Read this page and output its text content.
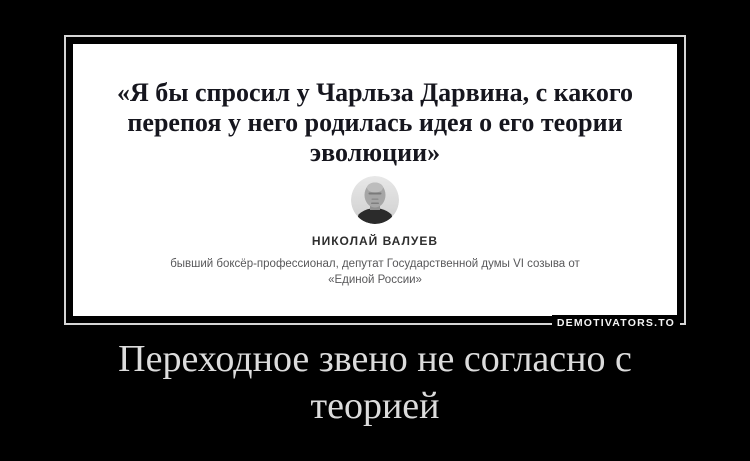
«Я бы спросил у Чарльза Дарвина, с какого перепоя у него родилась идея о его теории эволюции»
НИКОЛАЙ ВАЛУЕВ
бывший боксёр-профессионал, депутат Государственной думы VI созыва от «Единой России»
DEMOTIVATORS.TO
Переходное звено не согласно с теорией
